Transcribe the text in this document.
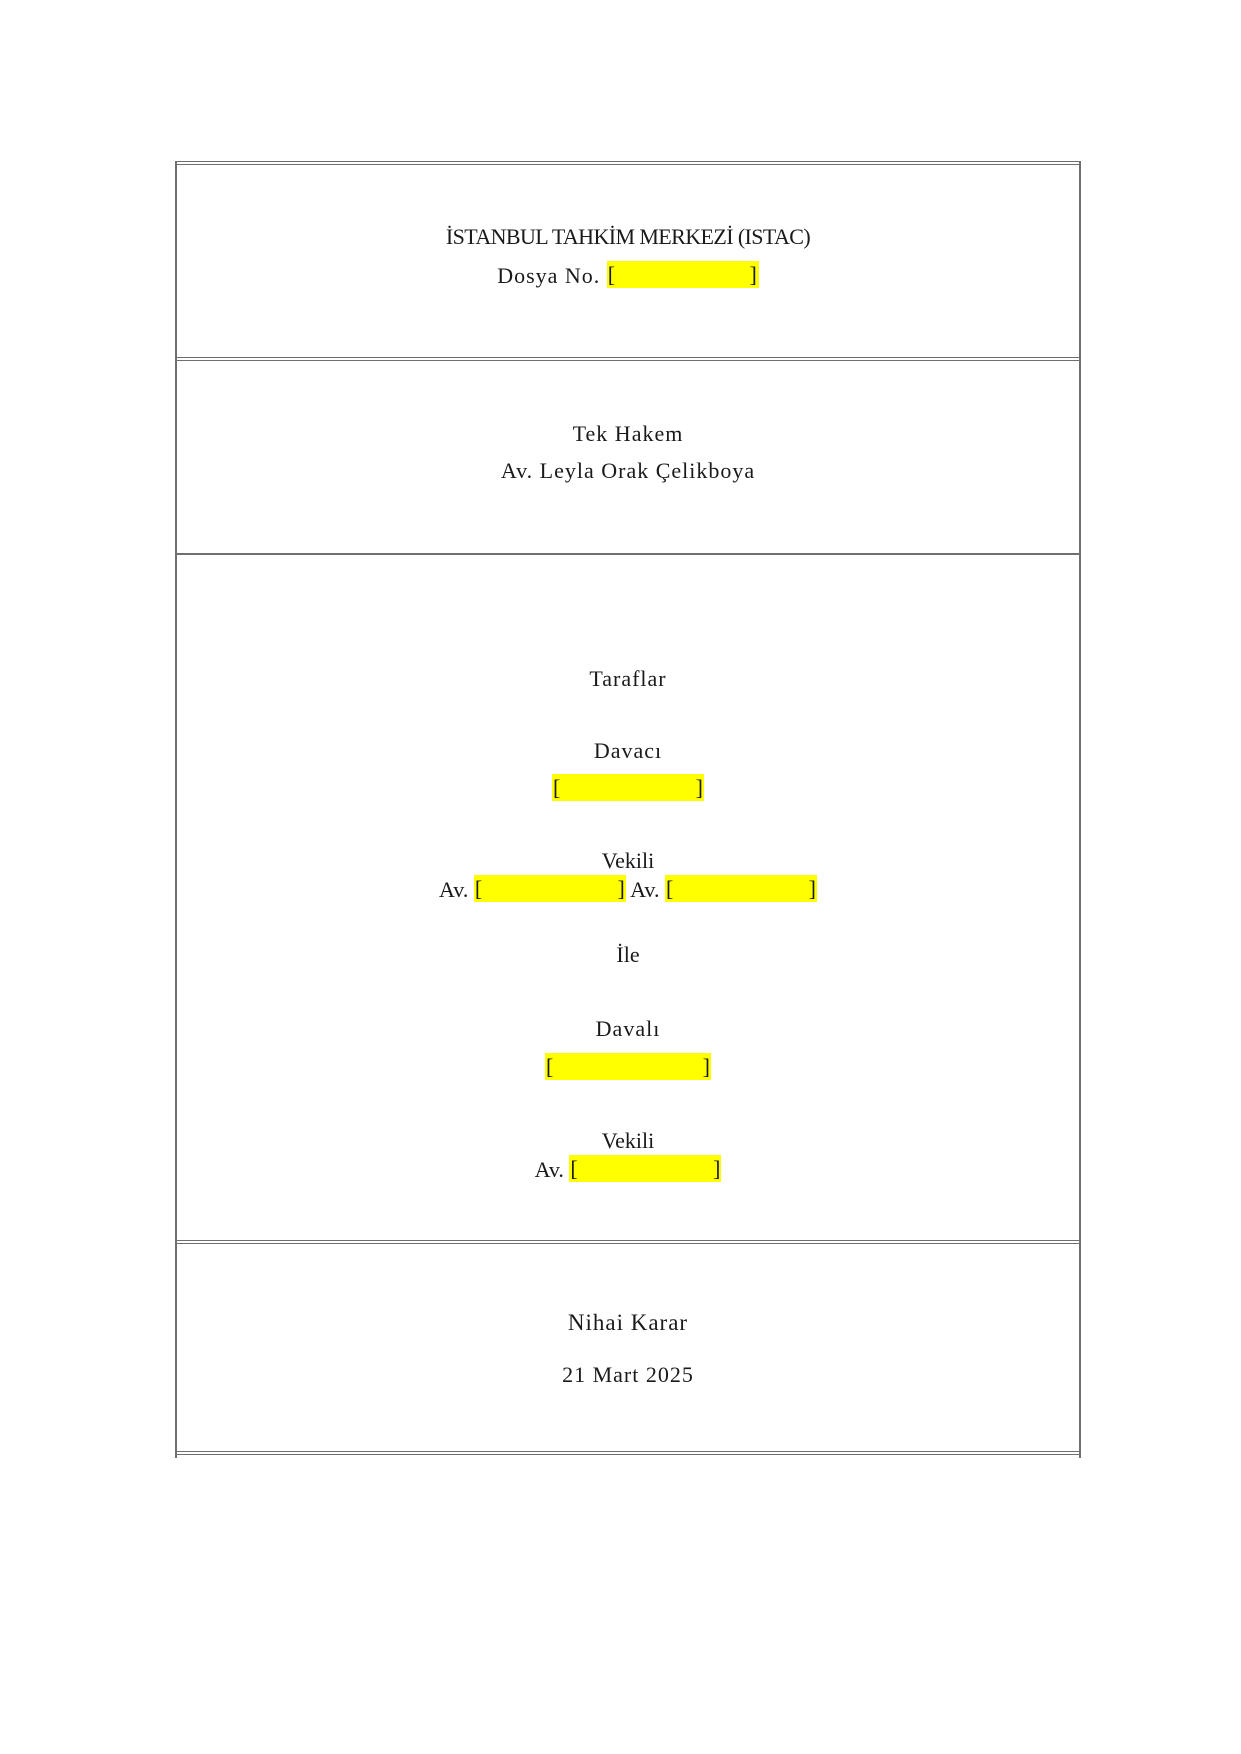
İSTANBUL TAHKİM MERKEZİ (ISTAC)
Dosya No. [	]
Tek Hakem
Av. Leyla Orak Çelikboya
Taraflar
Davacı
[	]
Vekili
Av. [	] Av. [	]
İle
Davalı
[	]
Vekili
Av. [	]
Nihai Karar
21 Mart 2025
